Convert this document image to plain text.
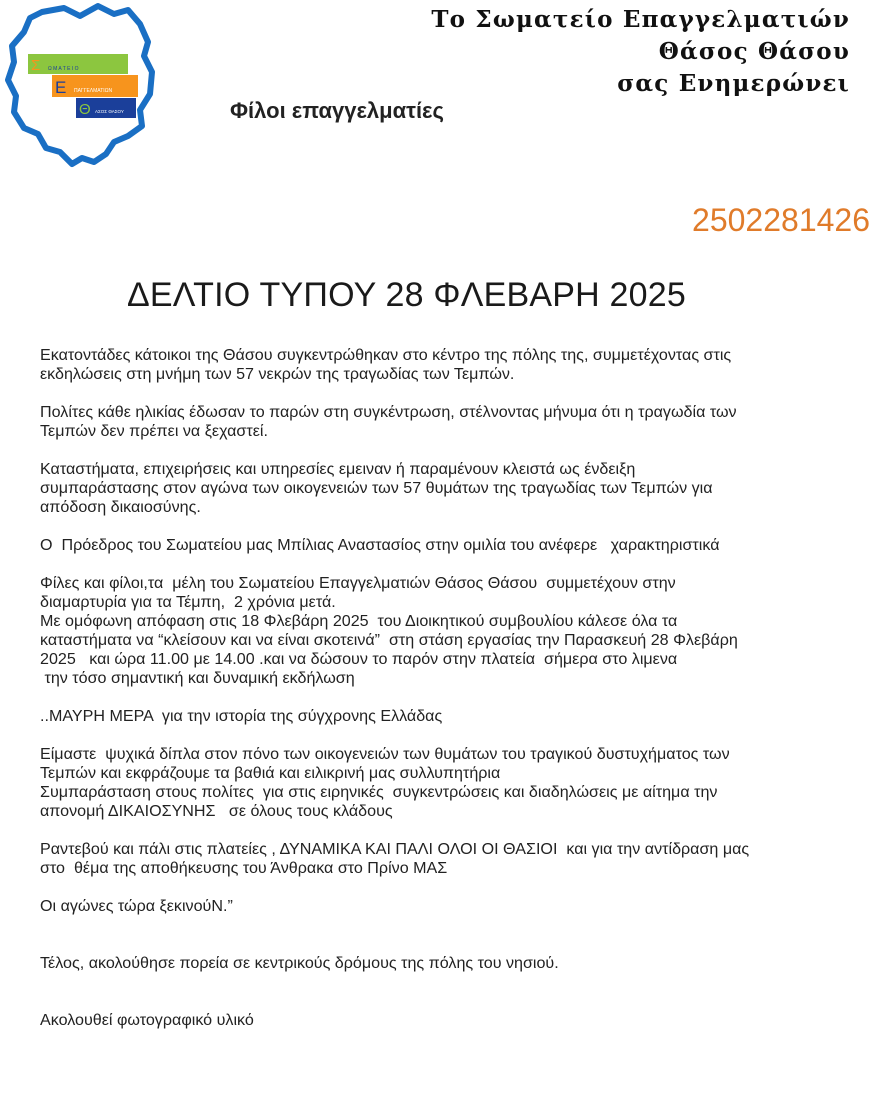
Σ Ω Μ Α Τ Ε Ι Ο
Ε ΠΑΓΓΕΛΜΑΤΙΩΝ
Θ ΑΣΟΣ ΘΑΣΟΥ
Το Σωματείο Επαγγελματιών
Θάσος Θάσου
σας Ενημερώνει
Φίλοι επαγγελματίες
2502281426
ΔΕΛΤΙΟ ΤΥΠΟΥ 28 ΦΛΕΒΑΡΗ 2025
Εκατοντάδες κάτοικοι της Θάσου συγκεντρώθηκαν στο κέντρο της πόλης της, συμμετέχοντας στις
εκδηλώσεις στη μνήμη των 57 νεκρών της τραγωδίας των Τεμπών.
Πολίτες κάθε ηλικίας έδωσαν το παρών στη συγκέντρωση, στέλνοντας μήνυμα ότι η τραγωδία των
Τεμπών δεν πρέπει να ξεχαστεί.
Καταστήματα, επιχειρήσεις και υπηρεσίες εμειναν ή παραμένουν κλειστά ως ένδειξη
συμπαράστασης στον αγώνα των οικογενειών των 57 θυμάτων της τραγωδίας των Τεμπών για
απόδοση δικαιοσύνης.
Ο  Πρόεδρος του Σωματείου μας Μπίλιας Αναστασίος στην ομιλία του ανέφερε   χαρακτηριστικά
Φίλες και φίλοι,τα  μέλη του Σωματείου Επαγγελματιών Θάσος Θάσου  συμμετέχουν στην
διαμαρτυρία για τα Τέμπη,  2 χρόνια μετά.
Με ομόφωνη απόφαση στις 18 Φλεβάρη 2025  του Διοικητικού συμβουλίου κάλεσε όλα τα
καταστήματα να “κλείσουν και να είναι σκοτεινά”  στη στάση εργασίας την Παρασκευή 28 Φλεβάρη
2025   και ώρα 11.00 με 14.00 .και να δώσουν το παρόν στην πλατεία  σήμερα στο λιμενα
την τόσο σημαντική και δυναμική εκδήλωση
..ΜΑΥΡΗ ΜΕΡΑ  για την ιστορία της σύγχρονης Ελλάδας
Είμαστε  ψυχικά δίπλα στον πόνο των οικογενειών των θυμάτων του τραγικού δυστυχήματος των
Τεμπών και εκφράζουμε τα βαθιά και ειλικρινή μας συλλυπητήρια
Συμπαράσταση στους πολίτες  για στις ειρηνικές  συγκεντρώσεις και διαδηλώσεις με αίτημα την
απονομή ΔΙΚΑΙΟΣΥΝΗΣ   σε όλους τους κλάδους
Ραντεβού και πάλι στις πλατείες , ΔΥΝΑΜΙΚΑ ΚΑΙ ΠΑΛΙ ΟΛΟΙ ΟΙ ΘΑΣΙΟΙ  και για την αντίδραση μας
στο  θέμα της αποθήκευσης του Άνθρακα στο Πρίνο ΜΑΣ
Οι αγώνες τώρα ξεκινούΝ.”
Τέλος, ακολούθησε πορεία σε κεντρικούς δρόμους της πόλης του νησιού.
Ακολουθεί φωτογραφικό υλικό
